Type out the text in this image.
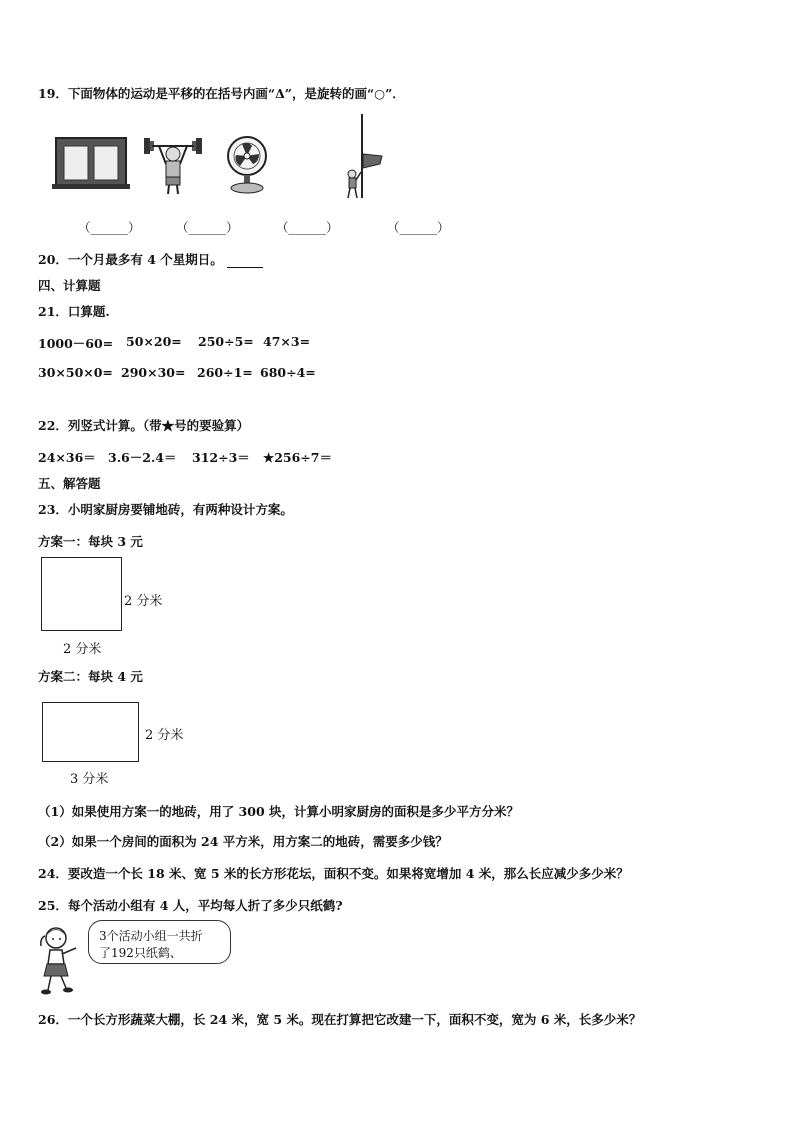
19．下面物体的运动是平移的在括号内画“Δ”，是旋转的画“○”．
（______）	（______）	（______）	（______）
20．一个月最多有 4 个星期日。
四、计算题
21．口算题.
1000－60= 50×20= 250÷5= 47×3=
30×50×0= 290×30= 260÷1= 680÷4=
22．列竖式计算。（带★号的要验算）
24×36＝ 3.6－2.4＝ 312÷3＝ ★256÷7＝
五、解答题
23．小明家厨房要铺地砖，有两种设计方案。
方案一：每块 3 元
2 分米
2 分米
方案二：每块 4 元
2 分米
3 分米
（1）如果使用方案一的地砖，用了 300 块，计算小明家厨房的面积是多少平方分米？
（2）如果一个房间的面积为 24 平方米，用方案二的地砖，需要多少钱？
24．要改造一个长 18 米、宽 5 米的长方形花坛，面积不变。如果将宽增加 4 米，那么长应减少多少米？
25．每个活动小组有 4 人，平均每人折了多少只纸鹤?
3个活动小组一共折
了192只纸鹤、
26．一个长方形蔬菜大棚，长 24 米，宽 5 米。现在打算把它改建一下，面积不变，宽为 6 米，长多少米？
